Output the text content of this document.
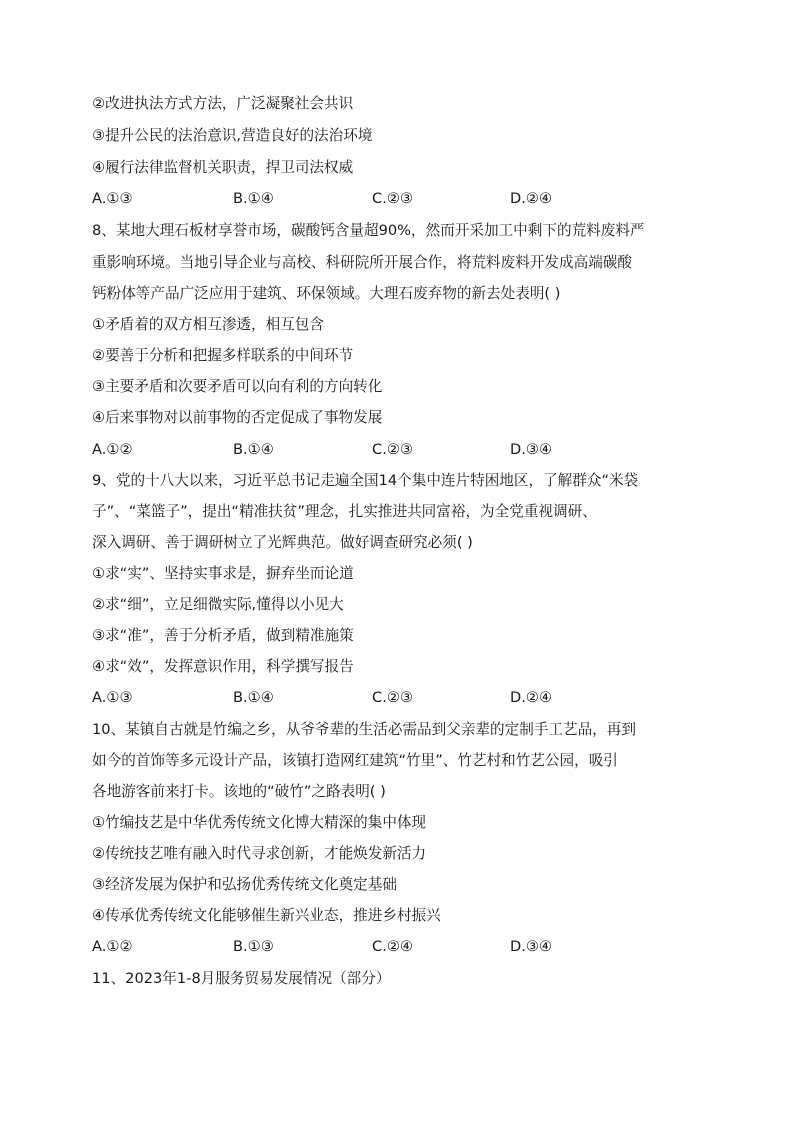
②改进执法方式方法，广泛凝聚社会共识
③提升公民的法治意识,营造良好的法治环境
④履行法律监督机关职责，捍卫司法权威
A.①③	B.①④	C.②③	D.②④
8、某地大理石板材享誉市场，碳酸钙含量超90%，然而开采加工中剩下的荒料废料严
重影响环境。当地引导企业与高校、科研院所开展合作，将荒料废料开发成高端碳酸
钙粉体等产品广泛应用于建筑、环保领域。大理石废弃物的新去处表明( )
①矛盾着的双方相互渗透，相互包含
②要善于分析和把握多样联系的中间环节
③主要矛盾和次要矛盾可以向有利的方向转化
④后来事物对以前事物的否定促成了事物发展
A.①②	B.①④	C.②③	D.③④
9、党的十八大以来，习近平总书记走遍全国14个集中连片特困地区，了解群众“米袋
子”、“菜篮子”，提出“精准扶贫”理念，扎实推进共同富裕，为全党重视调研、
深入调研、善于调研树立了光辉典范。做好调查研究必须( )
①求“实”、坚持实事求是，摒弃坐而论道
②求“细”，立足细微实际,懂得以小见大
③求“准”，善于分析矛盾，做到精准施策
④求“效”，发挥意识作用，科学撰写报告
A.①③	B.①④	C.②③	D.②④
10、某镇自古就是竹编之乡，从爷爷辈的生活必需品到父亲辈的定制手工艺品，再到
如今的首饰等多元设计产品，该镇打造网红建筑“竹里”、竹艺村和竹艺公园，吸引
各地游客前来打卡。该地的“破竹”之路表明( )
①竹编技艺是中华优秀传统文化博大精深的集中体现
②传统技艺唯有融入时代寻求创新，才能焕发新活力
③经济发展为保护和弘扬优秀传统文化奠定基础
④传承优秀传统文化能够催生新兴业态，推进乡村振兴
A.①②	B.①③	C.②④	D.③④
11、2023年1-8月服务贸易发展情况（部分）
